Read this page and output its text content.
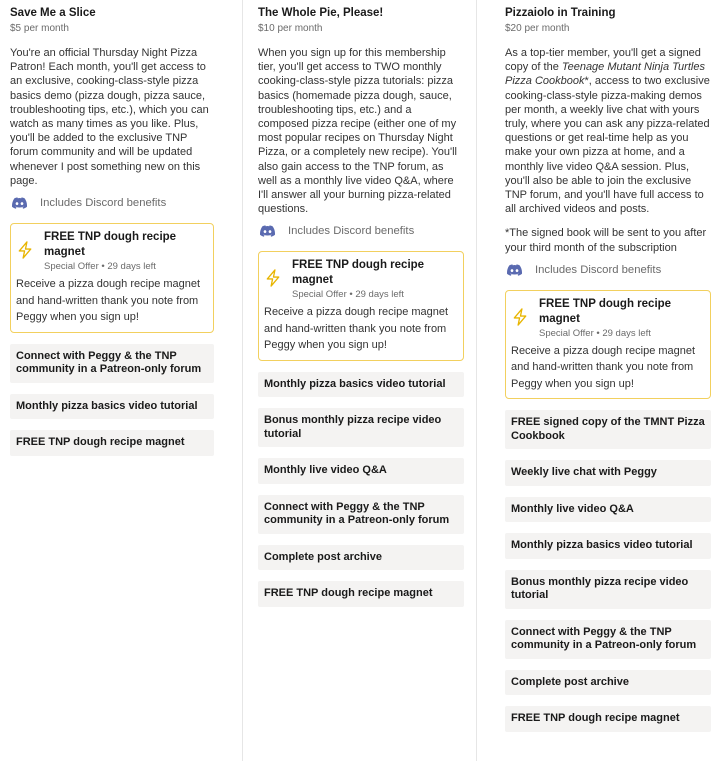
Save Me a Slice
$5 per month

You're an official Thursday Night Pizza Patron! Each month, you'll get access to an exclusive, cooking-class-style pizza basics demo (pizza dough, pizza sauce, troubleshooting tips, etc.), which you can watch as many times as you like. Plus, you'll be added to the exclusive TNP forum community and will be updated whenever I post something new on this page.

Includes Discord benefits
FREE TNP dough recipe magnet
Special Offer • 29 days left
Receive a pizza dough recipe magnet and hand-written thank you note from Peggy when you sign up!
Connect with Peggy & the TNP community in a Patreon-only forum
Monthly pizza basics video tutorial
FREE TNP dough recipe magnet
The Whole Pie, Please!
$10 per month

When you sign up for this membership tier, you'll get access to TWO monthly cooking-class-style pizza tutorials: pizza basics (homemade pizza dough, sauce, troubleshooting tips, etc.) and a composed pizza recipe (either one of my most popular recipes on Thursday Night Pizza, or a completely new recipe). You'll also gain access to the TNP forum, as well as a monthly live video Q&A, where I'll answer all your burning pizza-related questions.

Includes Discord benefits
FREE TNP dough recipe magnet
Special Offer • 29 days left
Receive a pizza dough recipe magnet and hand-written thank you note from Peggy when you sign up!
Monthly pizza basics video tutorial
Bonus monthly pizza recipe video tutorial
Monthly live video Q&A
Connect with Peggy & the TNP community in a Patreon-only forum
Complete post archive
FREE TNP dough recipe magnet
Pizzaiolo in Training
$20 per month

As a top-tier member, you'll get a signed copy of the Teenage Mutant Ninja Turtles Pizza Cookbook*, access to two exclusive cooking-class-style pizza-making demos per month, a weekly live chat with yours truly, where you can ask any pizza-related questions or get real-time help as you make your own pizza at home, and a monthly live video Q&A session. Plus, you'll also be able to join the exclusive TNP forum, and you'll have full access to all archived videos and posts.

*The signed book will be sent to you after your third month of the subscription

Includes Discord benefits
FREE TNP dough recipe magnet
Special Offer • 29 days left
Receive a pizza dough recipe magnet and hand-written thank you note from Peggy when you sign up!
FREE signed copy of the TMNT Pizza Cookbook
Weekly live chat with Peggy
Monthly live video Q&A
Monthly pizza basics video tutorial
Bonus monthly pizza recipe video tutorial
Connect with Peggy & the TNP community in a Patreon-only forum
Complete post archive
FREE TNP dough recipe magnet
